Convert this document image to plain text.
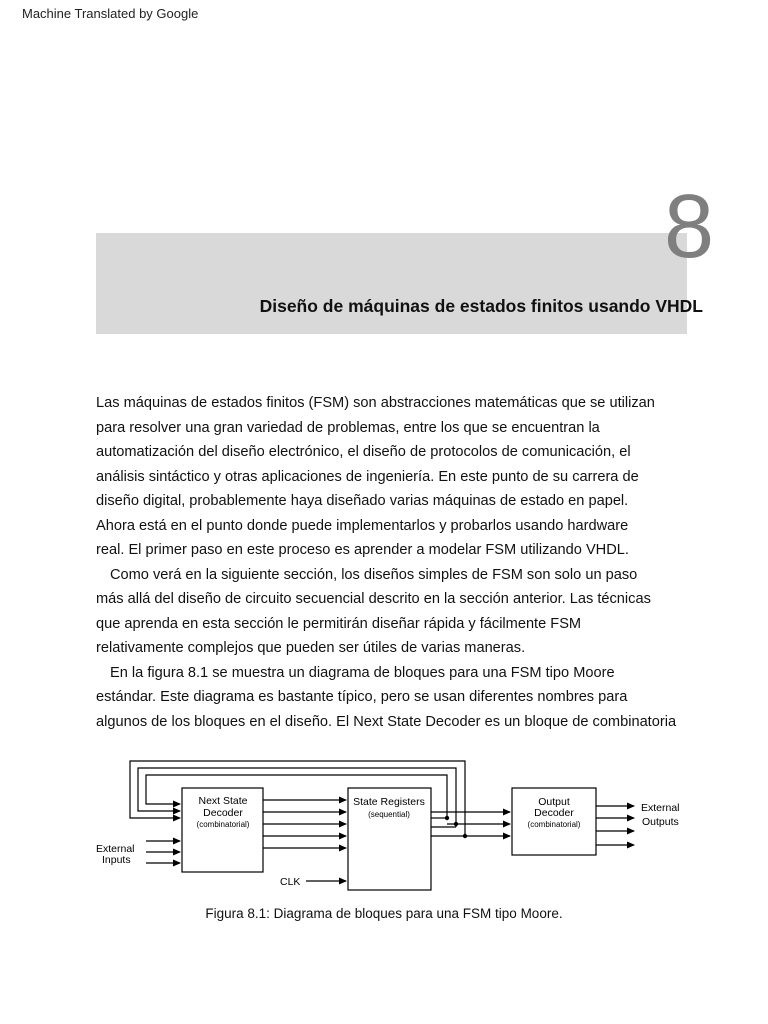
Machine Translated by Google
8
Diseño de máquinas de estados finitos usando VHDL
Las máquinas de estados finitos (FSM) son abstracciones matemáticas que se utilizan
para resolver una gran variedad de problemas, entre los que se encuentran la
automatización del diseño electrónico, el diseño de protocolos de comunicación, el
análisis sintáctico y otras aplicaciones de ingeniería. En este punto de su carrera de
diseño digital, probablemente haya diseñado varias máquinas de estado en papel.
Ahora está en el punto donde puede implementarlos y probarlos usando hardware
real. El primer paso en este proceso es aprender a modelar FSM utilizando VHDL.
Como verá en la siguiente sección, los diseños simples de FSM son solo un paso
más allá del diseño de circuito secuencial descrito en la sección anterior. Las técnicas
que aprenda en esta sección le permitirán diseñar rápida y fácilmente FSM
relativamente complejos que pueden ser útiles de varias maneras.
En la figura 8.1 se muestra un diagrama de bloques para una FSM tipo Moore
estándar. Este diagrama es bastante típico, pero se usan diferentes nombres para
algunos de los bloques en el diseño. El Next State Decoder es un bloque de combinatoria
Next State
Decoder
(combinatorial)
External
Inputs
State Registers
(sequential)
CLK
Output
Decoder
(combinatorial)
External
Outputs
Figura 8.1: Diagrama de bloques para una FSM tipo Moore.
